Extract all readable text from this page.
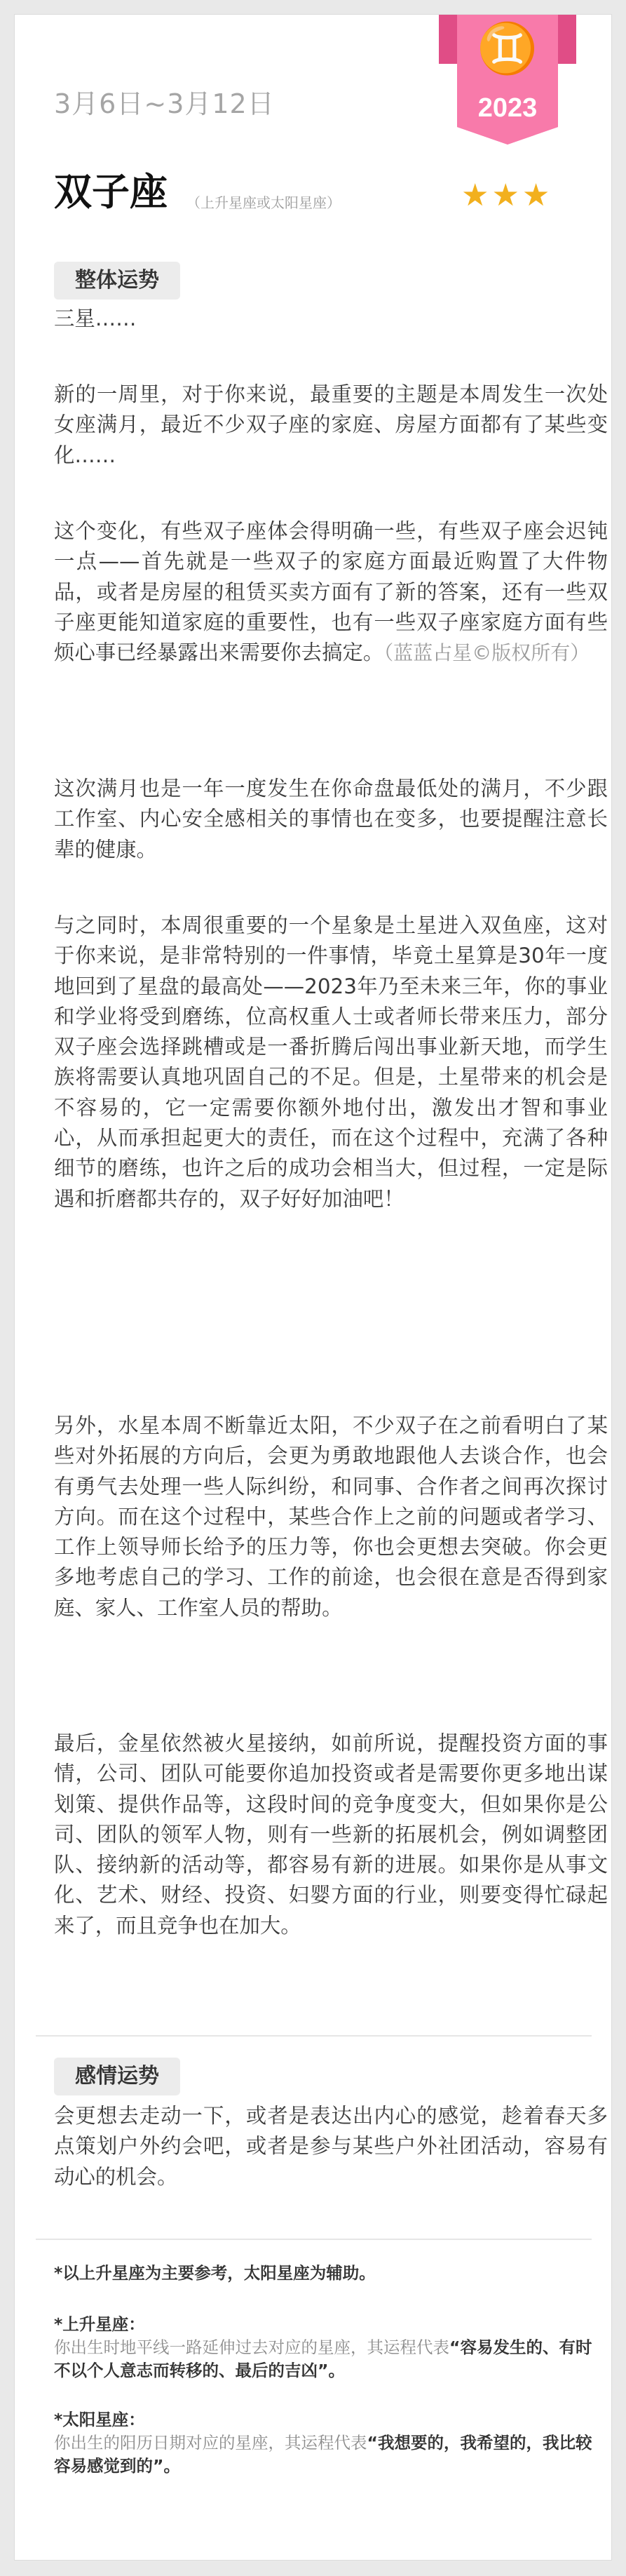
♊
2023
3月6日~3月12日
双子座 （上升星座或太阳星座）	★★★
整体运势

三星……

新的一周里，对于你来说，最重要的主题是本周发生一次处女座满月，最近不少双子座的家庭、房屋方面都有了某些变化……

这个变化，有些双子座体会得明确一些，有些双子座会迟钝一点——首先就是一些双子的家庭方面最近购置了大件物品，或者是房屋的租赁买卖方面有了新的答案，还有一些双子座更能知道家庭的重要性，也有一些双子座家庭方面有些烦心事已经暴露出来需要你去搞定。（蓝蓝占星©版权所有）

这次满月也是一年一度发生在你命盘最低处的满月，不少跟工作室、内心安全感相关的事情也在变多，也要提醒注意长辈的健康。

与之同时，本周很重要的一个星象是土星进入双鱼座，这对于你来说，是非常特别的一件事情，毕竟土星算是30年一度地回到了星盘的最高处——2023年乃至未来三年，你的事业和学业将受到磨练，位高权重人士或者师长带来压力，部分双子座会选择跳槽或是一番折腾后闯出事业新天地，而学生族将需要认真地巩固自己的不足。但是，土星带来的机会是不容易的，它一定需要你额外地付出，激发出才智和事业心，从而承担起更大的责任，而在这个过程中，充满了各种细节的磨练，也许之后的成功会相当大，但过程，一定是际遇和折磨都共存的，双子好好加油吧！

另外，水星本周不断靠近太阳，不少双子在之前看明白了某些对外拓展的方向后，会更为勇敢地跟他人去谈合作，也会有勇气去处理一些人际纠纷，和同事、合作者之间再次探讨方向。而在这个过程中，某些合作上之前的问题或者学习、工作上领导师长给予的压力等，你也会更想去突破。你会更多地考虑自己的学习、工作的前途，也会很在意是否得到家庭、家人、工作室人员的帮助。

最后，金星依然被火星接纳，如前所说，提醒投资方面的事情，公司、团队可能要你追加投资或者是需要你更多地出谋划策、提供作品等，这段时间的竞争度变大，但如果你是公司、团队的领军人物，则有一些新的拓展机会，例如调整团队、接纳新的活动等，都容易有新的进展。如果你是从事文化、艺术、财经、投资、妇婴方面的行业，则要变得忙碌起来了，而且竞争也在加大。

感情运势

会更想去走动一下，或者是表达出内心的感觉，趁着春天多点策划户外约会吧，或者是参与某些户外社团活动，容易有动心的机会。

*以上升星座为主要参考，太阳星座为辅助。
*上升星座：
你出生时地平线一路延伸过去对应的星座，其运程代表“容易发生的、有时不以个人意志而转移的、最后的吉凶”。
*太阳星座：
你出生的阳历日期对应的星座，其运程代表“我想要的，我希望的，我比较容易感觉到的”。
